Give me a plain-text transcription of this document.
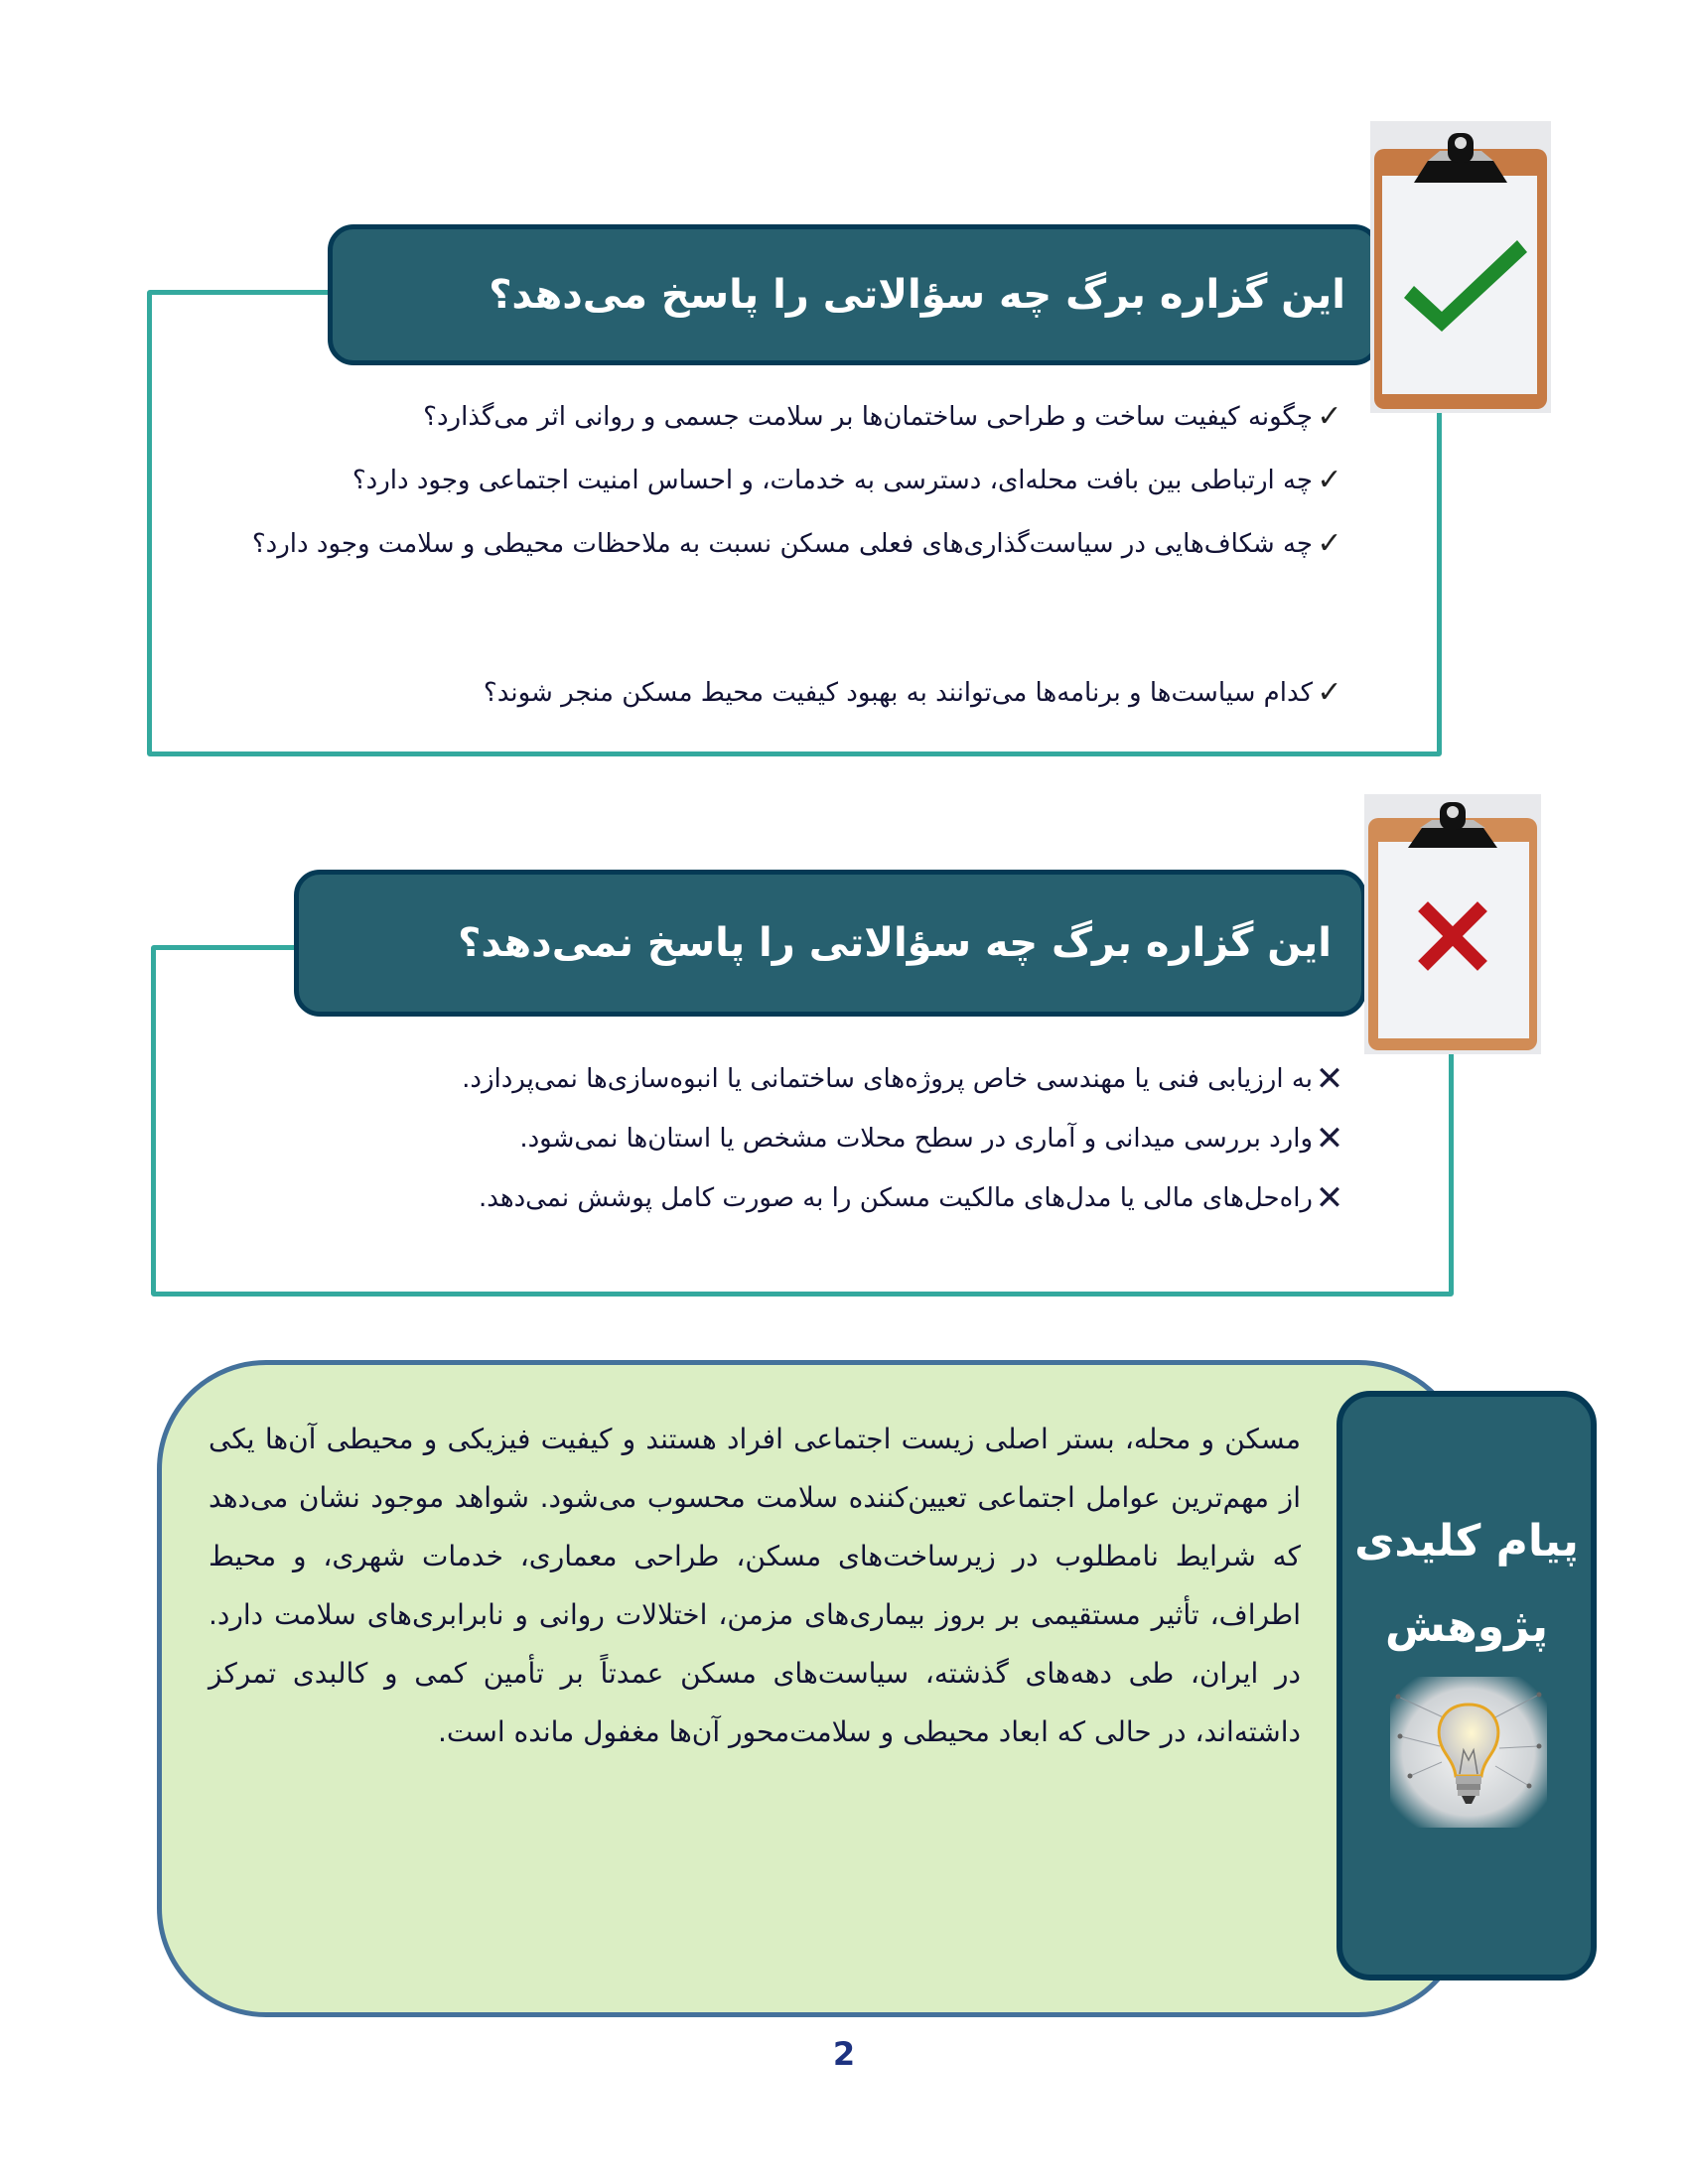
این گزاره برگ چه سؤالاتی را پاسخ می‌دهد؟
✓
چگونه کیفیت ساخت و طراحی ساختمان‌ها بر سلامت جسمی و روانی اثر می‌گذارد؟
✓
چه ارتباطی بین بافت محله‌ای، دسترسی به خدمات، و احساس امنیت اجتماعی وجود دارد؟
✓
چه شکاف‌هایی در سیاست‌گذاری‌های فعلی مسکن نسبت به ملاحظات محیطی و سلامت وجود دارد؟
✓
کدام سیاست‌ها و برنامه‌ها می‌توانند به بهبود کیفیت محیط مسکن منجر شوند؟
این گزاره برگ چه سؤالاتی را پاسخ نمی‌دهد؟
✕
به ارزیابی فنی یا مهندسی خاص پروژه‌های ساختمانی یا انبوه‌سازی‌ها نمی‌پردازد.
✕
وارد بررسی میدانی و آماری در سطح محلات مشخص یا استان‌ها نمی‌شود.
✕
راه‌حل‌های مالی یا مدل‌های مالکیت مسکن را به صورت کامل پوشش نمی‌دهد.
مسکن و محله، بستر اصلی زیست اجتماعی افراد هستند و کیفیت فیزیکی و محیطی آن‌ها یکی از مهم‌ترین عوامل اجتماعی تعیین‌کننده سلامت محسوب می‌شود. شواهد موجود نشان می‌دهد که شرایط نامطلوب در زیرساخت‌های مسکن، طراحی معماری، خدمات شهری، و محیط اطراف، تأثیر مستقیمی بر بروز بیماری‌های مزمن، اختلالات روانی و نابرابری‌های سلامت دارد. در ایران، طی دهه‌های گذشته، سیاست‌های مسکن عمدتاً بر تأمین کمی و کالبدی تمرکز داشته‌اند، در حالی که ابعاد محیطی و سلامت‌محور آن‌ها مغفول مانده است.
پیام کلیدی
پژوهش
2
